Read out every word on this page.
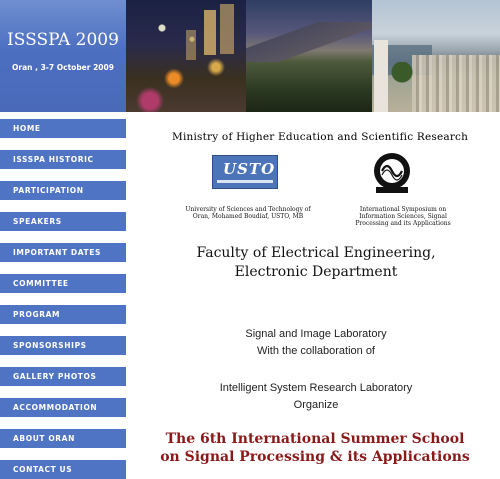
ISSSPA 2009
Oran , 3-7 October 2009
HOME
ISSSPA HISTORIC
PARTICIPATION
SPEAKERS
IMPORTANT DATES
COMMITTEE
PROGRAM
SPONSORSHIPS
GALLERY PHOTOS
ACCOMMODATION
ABOUT ORAN
CONTACT US
Ministry of Higher Education and Scientific Research
USTO
University of Sciences and Technology of
Oran, Mohamed Boudiaf, USTO, MB
International Symposium on
Information Sciences, Signal
Processing and its Applications
Faculty of Electrical Engineering,
Electronic Department
Signal and Image Laboratory
With the collaboration of
Intelligent System Research Laboratory
Organize
The 6th International Summer School
on Signal Processing & its Applications
